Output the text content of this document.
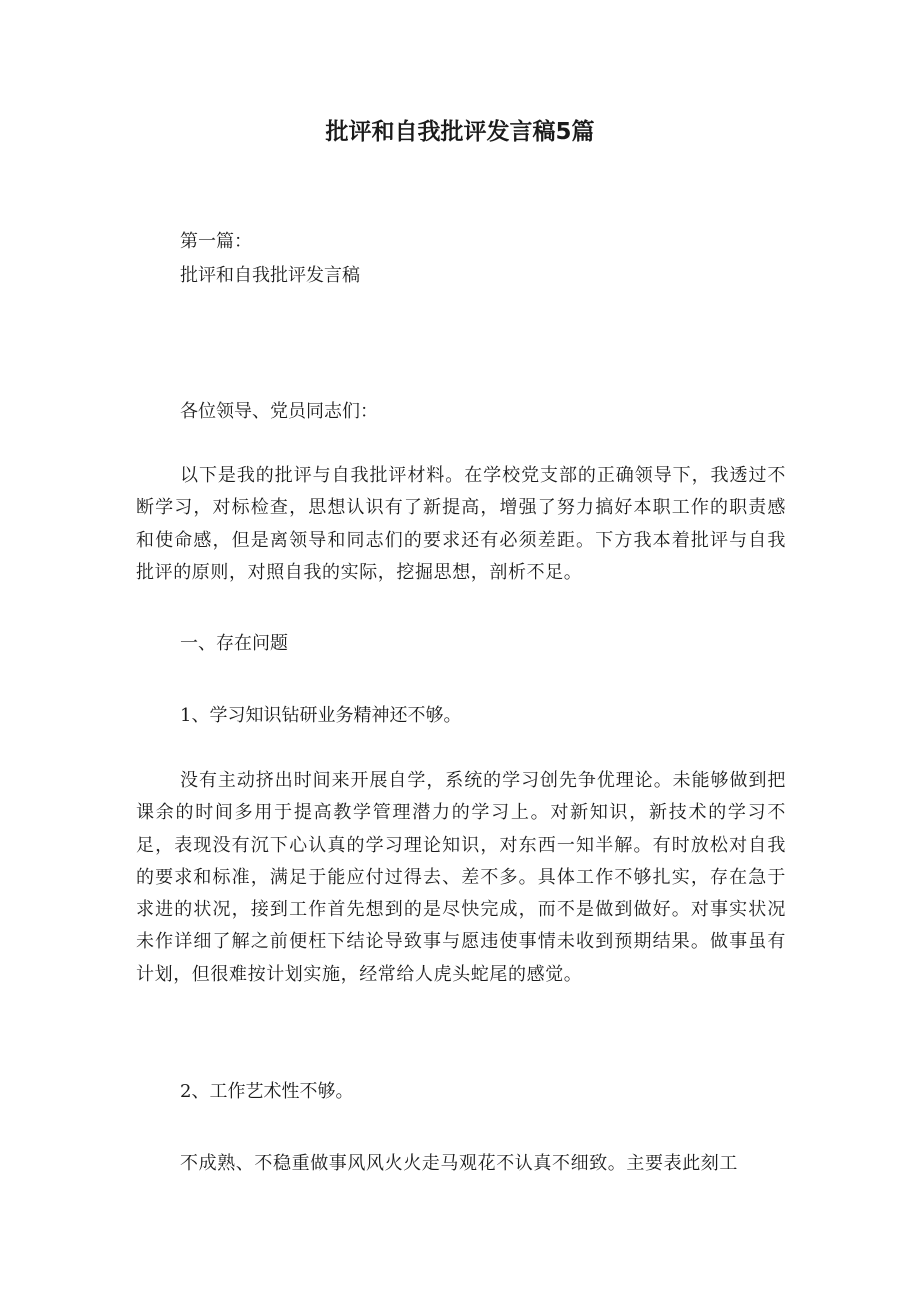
批评和自我批评发言稿5篇
第一篇：
批评和自我批评发言稿
各位领导、党员同志们：
以下是我的批评与自我批评材料。在学校党支部的正确领导下，我透过不断学习，对标检查，思想认识有了新提高，增强了努力搞好本职工作的职责感和使命感，但是离领导和同志们的要求还有必须差距。下方我本着批评与自我批评的原则，对照自我的实际，挖掘思想，剖析不足。
一、存在问题
1、学习知识钻研业务精神还不够。
没有主动挤出时间来开展自学，系统的学习创先争优理论。未能够做到把课余的时间多用于提高教学管理潜力的学习上。对新知识，新技术的学习不足，表现没有沉下心认真的学习理论知识，对东西一知半解。有时放松对自我的要求和标准，满足于能应付过得去、差不多。具体工作不够扎实，存在急于求进的状况，接到工作首先想到的是尽快完成，而不是做到做好。对事实状况未作详细了解之前便枉下结论导致事与愿违使事情未收到预期结果。做事虽有计划，但很难按计划实施，经常给人虎头蛇尾的感觉。
2、工作艺术性不够。
不成熟、不稳重做事风风火火走马观花不认真不细致。主要表此刻工
